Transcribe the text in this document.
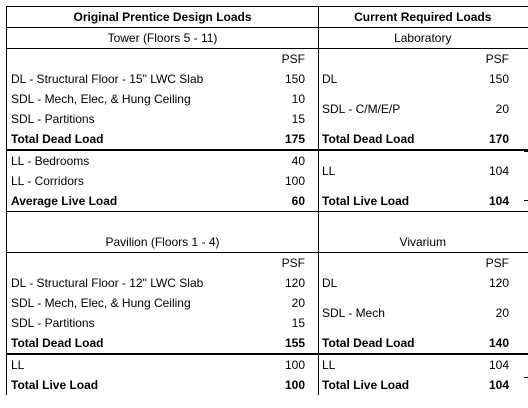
Original Prentice Design Loads	
Tower (Floors 5 - 11)	
	PSF
DL - Structural Floor - 15" LWC Slab	150
SDL - Mech, Elec, & Hung Ceiling	10
SDL - Partitions	15
Total Dead Load	175
LL - Bedrooms	40
LL - Corridors	100
Average Live Load	60

Pavilion (Floors 1 - 4)	
	PSF
DL - Structural Floor - 12" LWC Slab	120
SDL - Mech, Elec, & Hung Ceiling	20
SDL - Partitions	15
Total Dead Load	155
LL	100
Total Live Load	100
Current Required Loads		
Laboratory		
	PSF	
DL	150	
SDL - C/M/E/P	20	

Total Dead Load	170	
LL	104	

Total Live Load	104	

Vivarium		
	PSF	
DL	120	
SDL - Mech	20	

Total Dead Load	140	
LL	104	
Total Live Load	104	
